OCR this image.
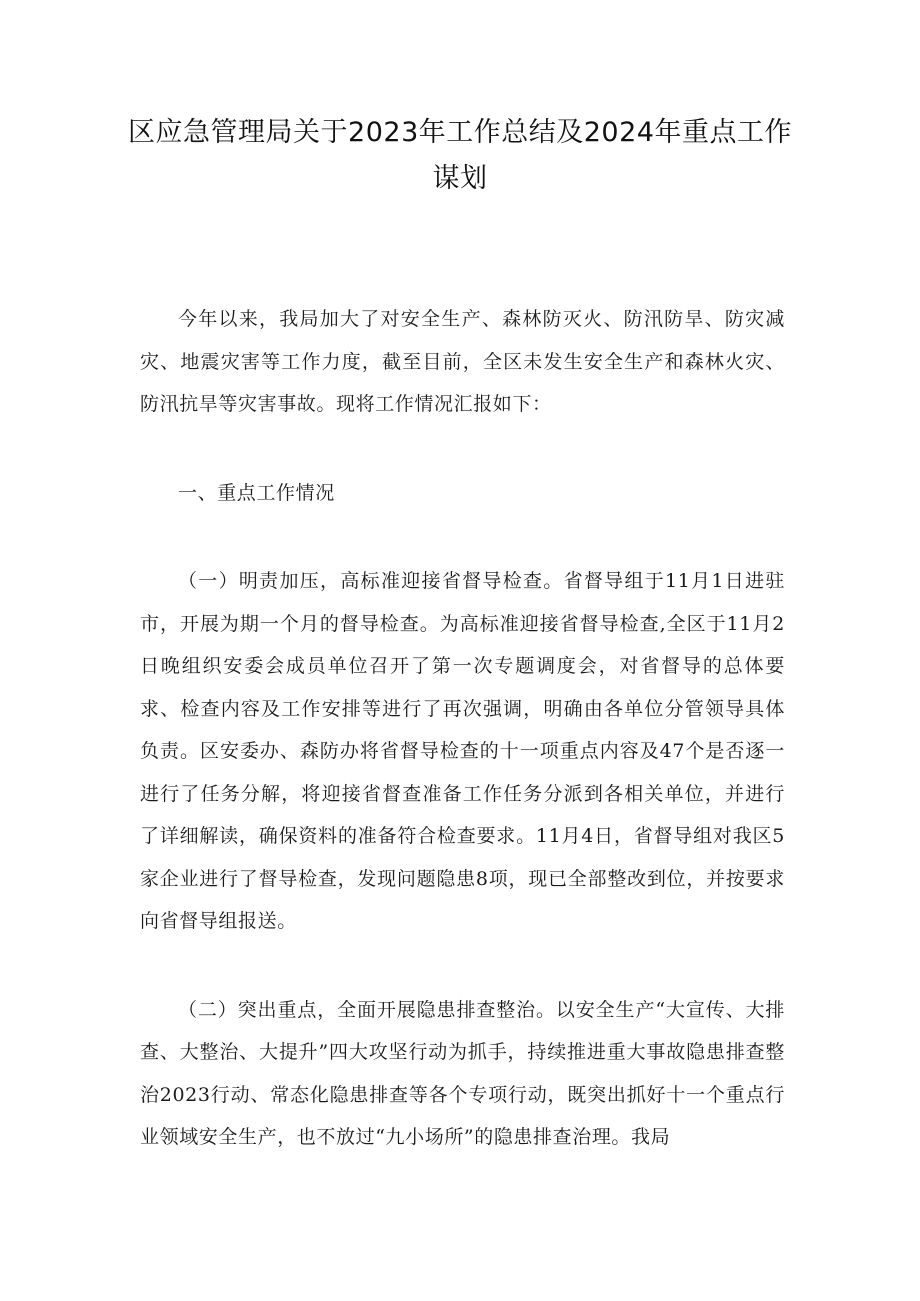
区应急管理局关于2023年工作总结及2024年重点工作谋划

今年以来，我局加大了对安全生产、森林防灭火、防汛防旱、防灾减灾、地震灾害等工作力度，截至目前，全区未发生安全生产和森林火灾、防汛抗旱等灾害事故。现将工作情况汇报如下：

一、重点工作情况

（一）明责加压，高标准迎接省督导检查。省督导组于11月1日进驻市，开展为期一个月的督导检查。为高标准迎接省督导检查,全区于11月2日晚组织安委会成员单位召开了第一次专题调度会，对省督导的总体要求、检查内容及工作安排等进行了再次强调，明确由各单位分管领导具体负责。区安委办、森防办将省督导检查的十一项重点内容及47个是否逐一进行了任务分解，将迎接省督查准备工作任务分派到各相关单位，并进行了详细解读，确保资料的准备符合检查要求。11月4日，省督导组对我区5家企业进行了督导检查，发现问题隐患8项，现已全部整改到位，并按要求向省督导组报送。

（二）突出重点，全面开展隐患排查整治。以安全生产“大宣传、大排查、大整治、大提升”四大攻坚行动为抓手，持续推进重大事故隐患排查整治2023行动、常态化隐患排查等各个专项行动，既突出抓好十一个重点行业领域安全生产，也不放过“九小场所”的隐患排查治理。我局
